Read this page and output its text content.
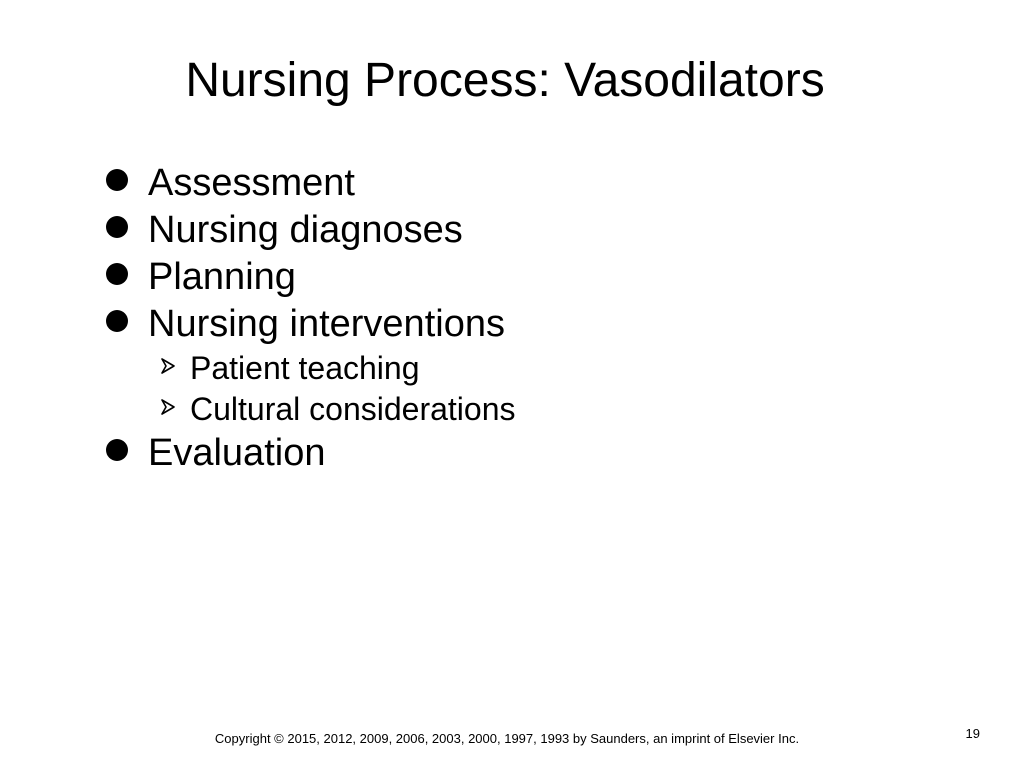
Nursing Process: Vasodilators
Assessment
Nursing diagnoses
Planning
Nursing interventions
Patient teaching
Cultural considerations
Evaluation
Copyright © 2015, 2012, 2009, 2006, 2003, 2000, 1997, 1993 by Saunders, an imprint of Elsevier Inc.	19
